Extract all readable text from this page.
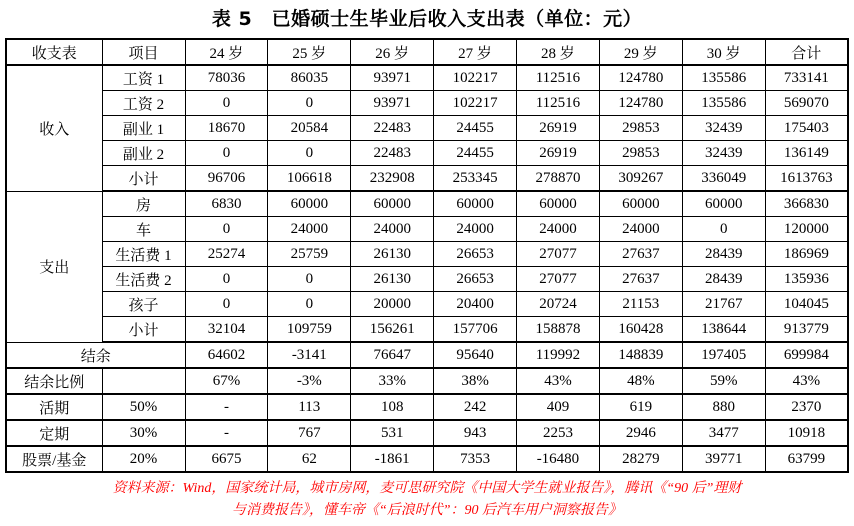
表 5　已婚硕士生毕业后收入支出表（单位：元）
收支表	项目	24 岁	25 岁	26 岁	27 岁	28 岁	29 岁	30 岁	合计
收入	工资 1	78036	86035	93971	102217	112516	124780	135586	733141
	工资 2	0	0	93971	102217	112516	124780	135586	569070
	副业 1	18670	20584	22483	24455	26919	29853	32439	175403
	副业 2	0	0	22483	24455	26919	29853	32439	136149
	小计	96706	106618	232908	253345	278870	309267	336049	1613763
支出	房	6830	60000	60000	60000	60000	60000	60000	366830
	车	0	24000	24000	24000	24000	24000	0	120000
	生活费 1	25274	25759	26130	26653	27077	27637	28439	186969
	生活费 2	0	0	26130	26653	27077	27637	28439	135936
	孩子	0	0	20000	20400	20724	21153	21767	104045
	小计	32104	109759	156261	157706	158878	160428	138644	913779
结余		64602	-3141	76647	95640	119992	148839	197405	699984
结余比例		67%	-3%	33%	38%	43%	48%	59%	43%
活期	50%	-	113	108	242	409	619	880	2370
定期	30%	-	767	531	943	2253	2946	3477	10918
股票/基金	20%	6675	62	-1861	7353	-16480	28279	39771	63799
资料来源：Wind，国家统计局，城市房网，麦可思研究院《中国大学生就业报告》，腾讯《“90 后”理财
与消费报告》，懂车帝《“后浪时代”：90 后汽车用户洞察报告》
